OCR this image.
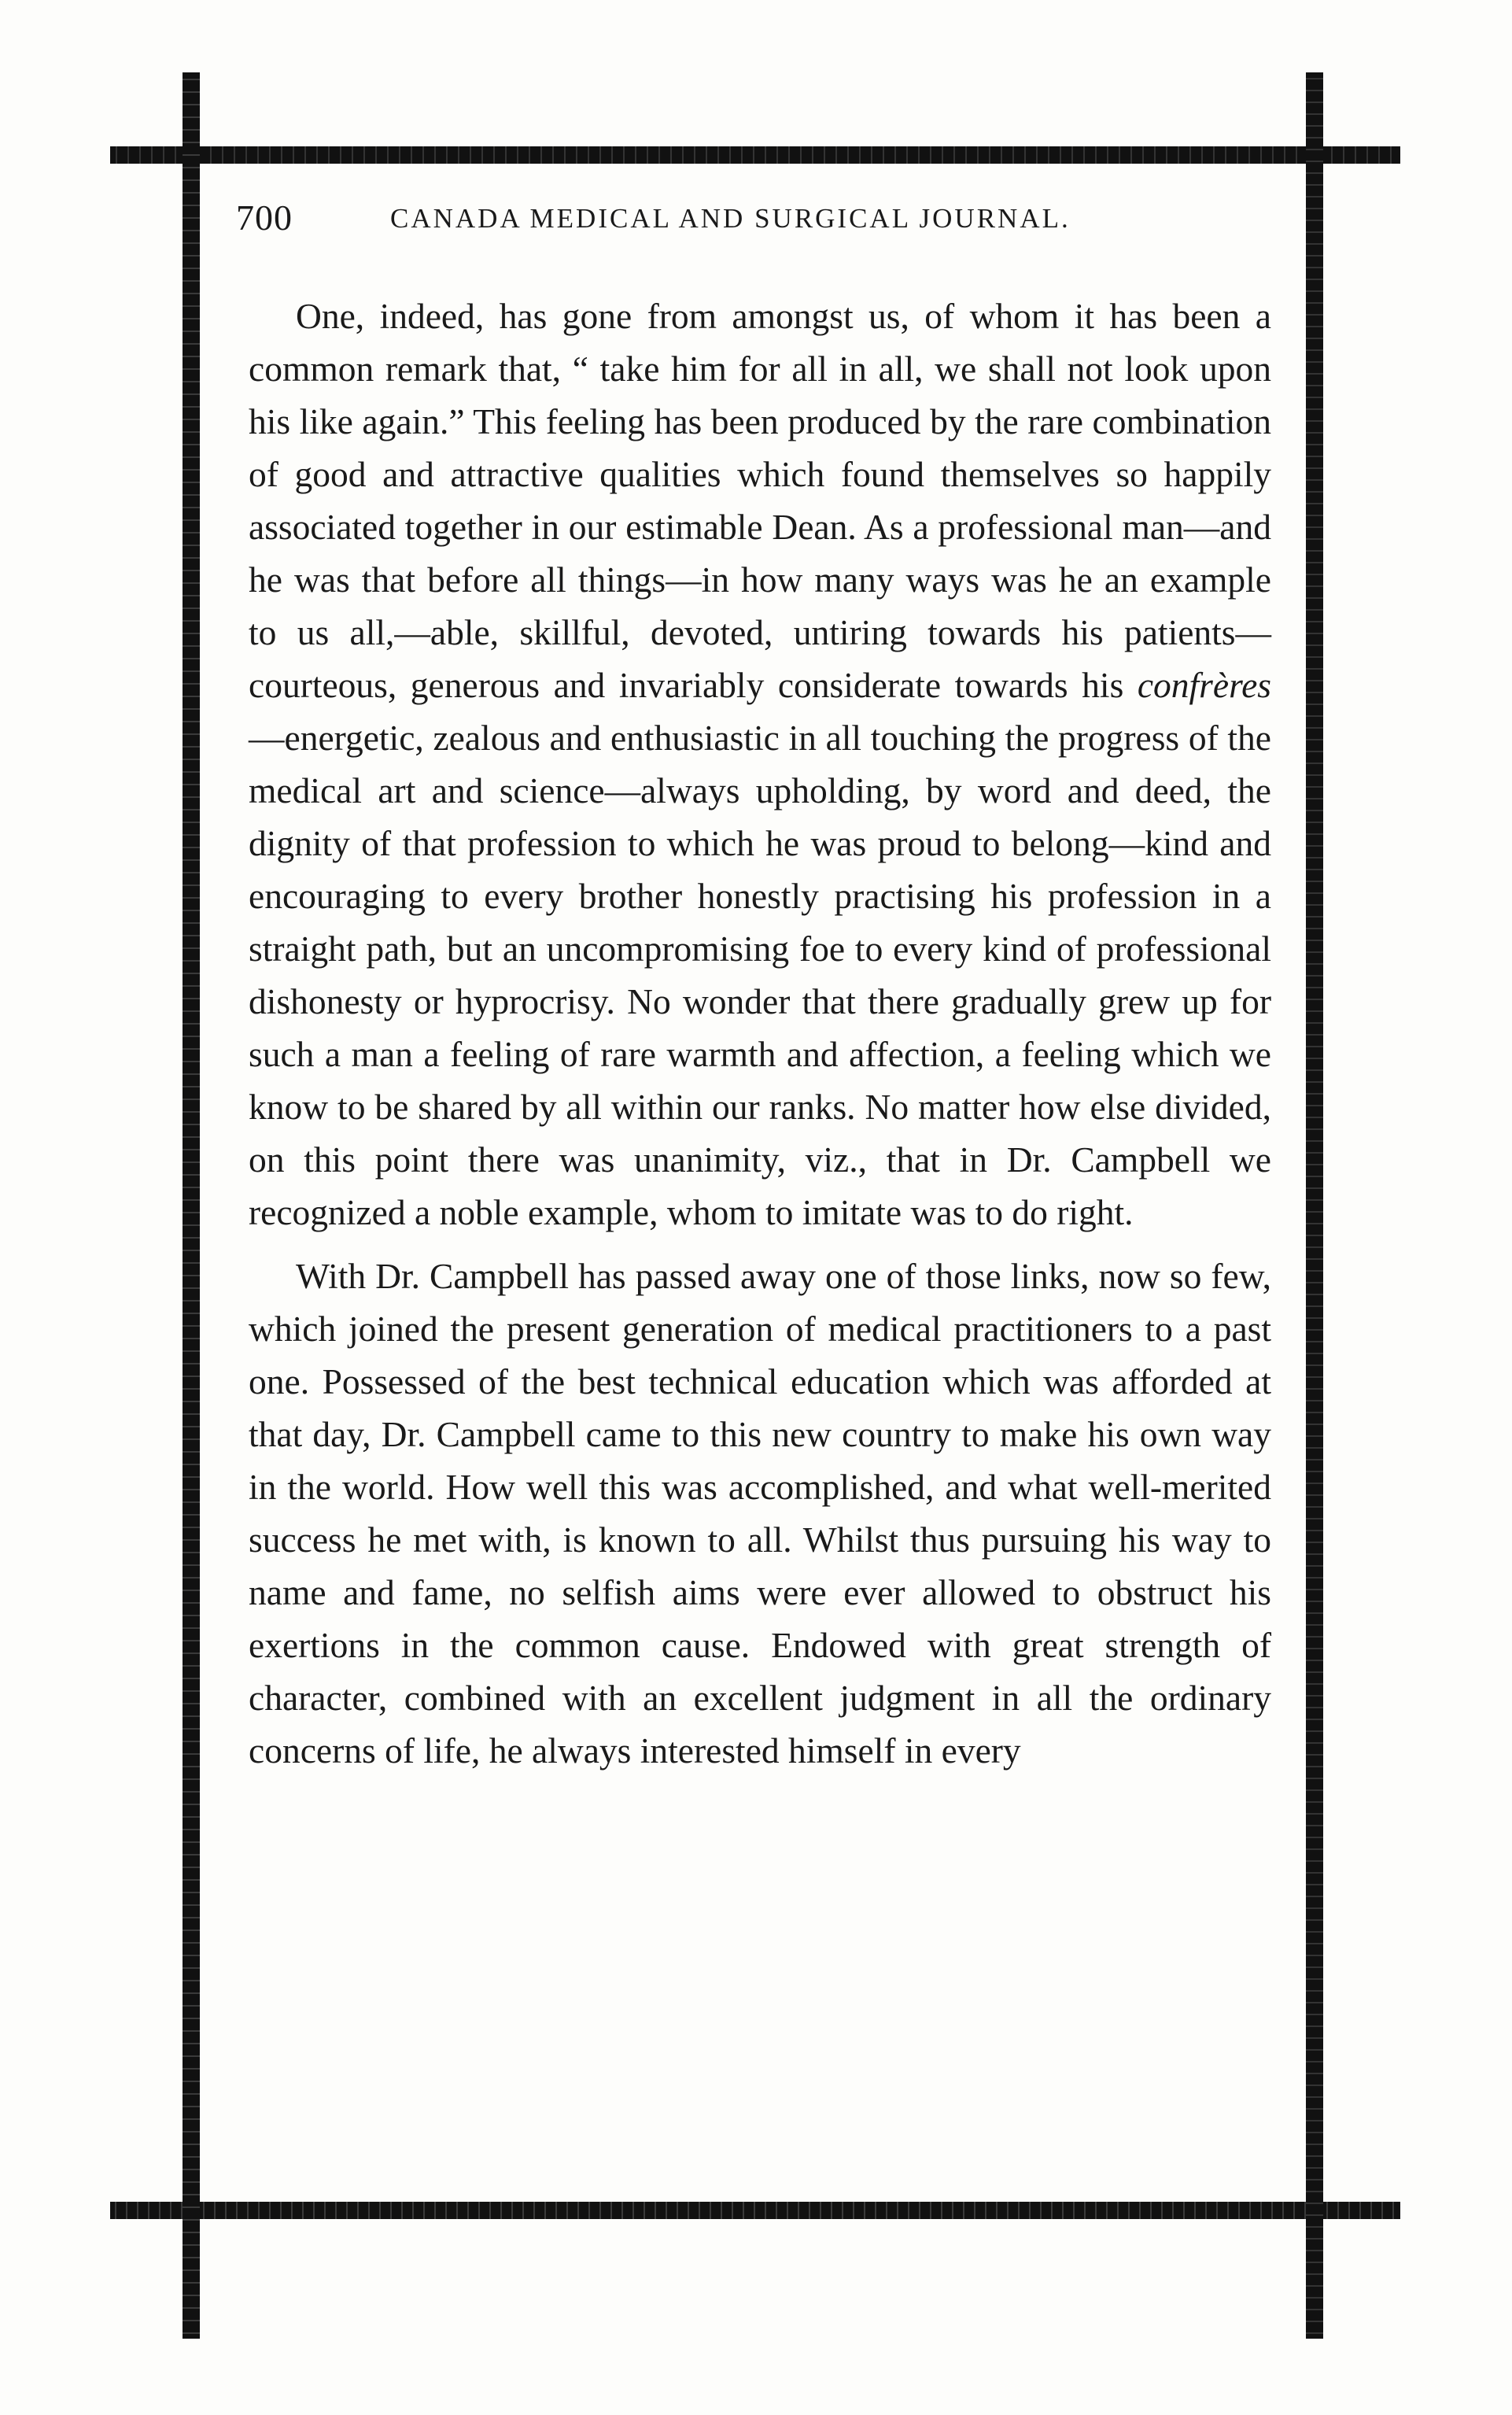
700	CANADA MEDICAL AND SURGICAL JOURNAL.

One, indeed, has gone from amongst us, of whom it has been a common remark that, “ take him for all in all, we shall not look upon his like again.” This feeling has been produced by the rare combination of good and attractive qualities which found themselves so happily associated together in our estimable Dean. As a professional man—and he was that before all things—in how many ways was he an example to us all,—able, skillful, devoted, untiring towards his patients—courteous, generous and invariably considerate towards his confrères—energetic, zealous and enthusiastic in all touching the progress of the medical art and science—always upholding, by word and deed, the dignity of that profession to which he was proud to belong—kind and encouraging to every brother honestly practising his profession in a straight path, but an uncompromising foe to every kind of professional dishonesty or hyprocrisy. No wonder that there gradually grew up for such a man a feeling of rare warmth and affection, a feeling which we know to be shared by all within our ranks. No matter how else divided, on this point there was unanimity, viz., that in Dr. Campbell we recognized a noble example, whom to imitate was to do right.

With Dr. Campbell has passed away one of those links, now so few, which joined the present generation of medical practitioners to a past one. Possessed of the best technical education which was afforded at that day, Dr. Campbell came to this new country to make his own way in the world. How well this was accomplished, and what well-merited success he met with, is known to all. Whilst thus pursuing his way to name and fame, no selfish aims were ever allowed to obstruct his exertions in the common cause. Endowed with great strength of character, combined with an excellent judgment in all the ordinary concerns of life, he always interested himself in every
